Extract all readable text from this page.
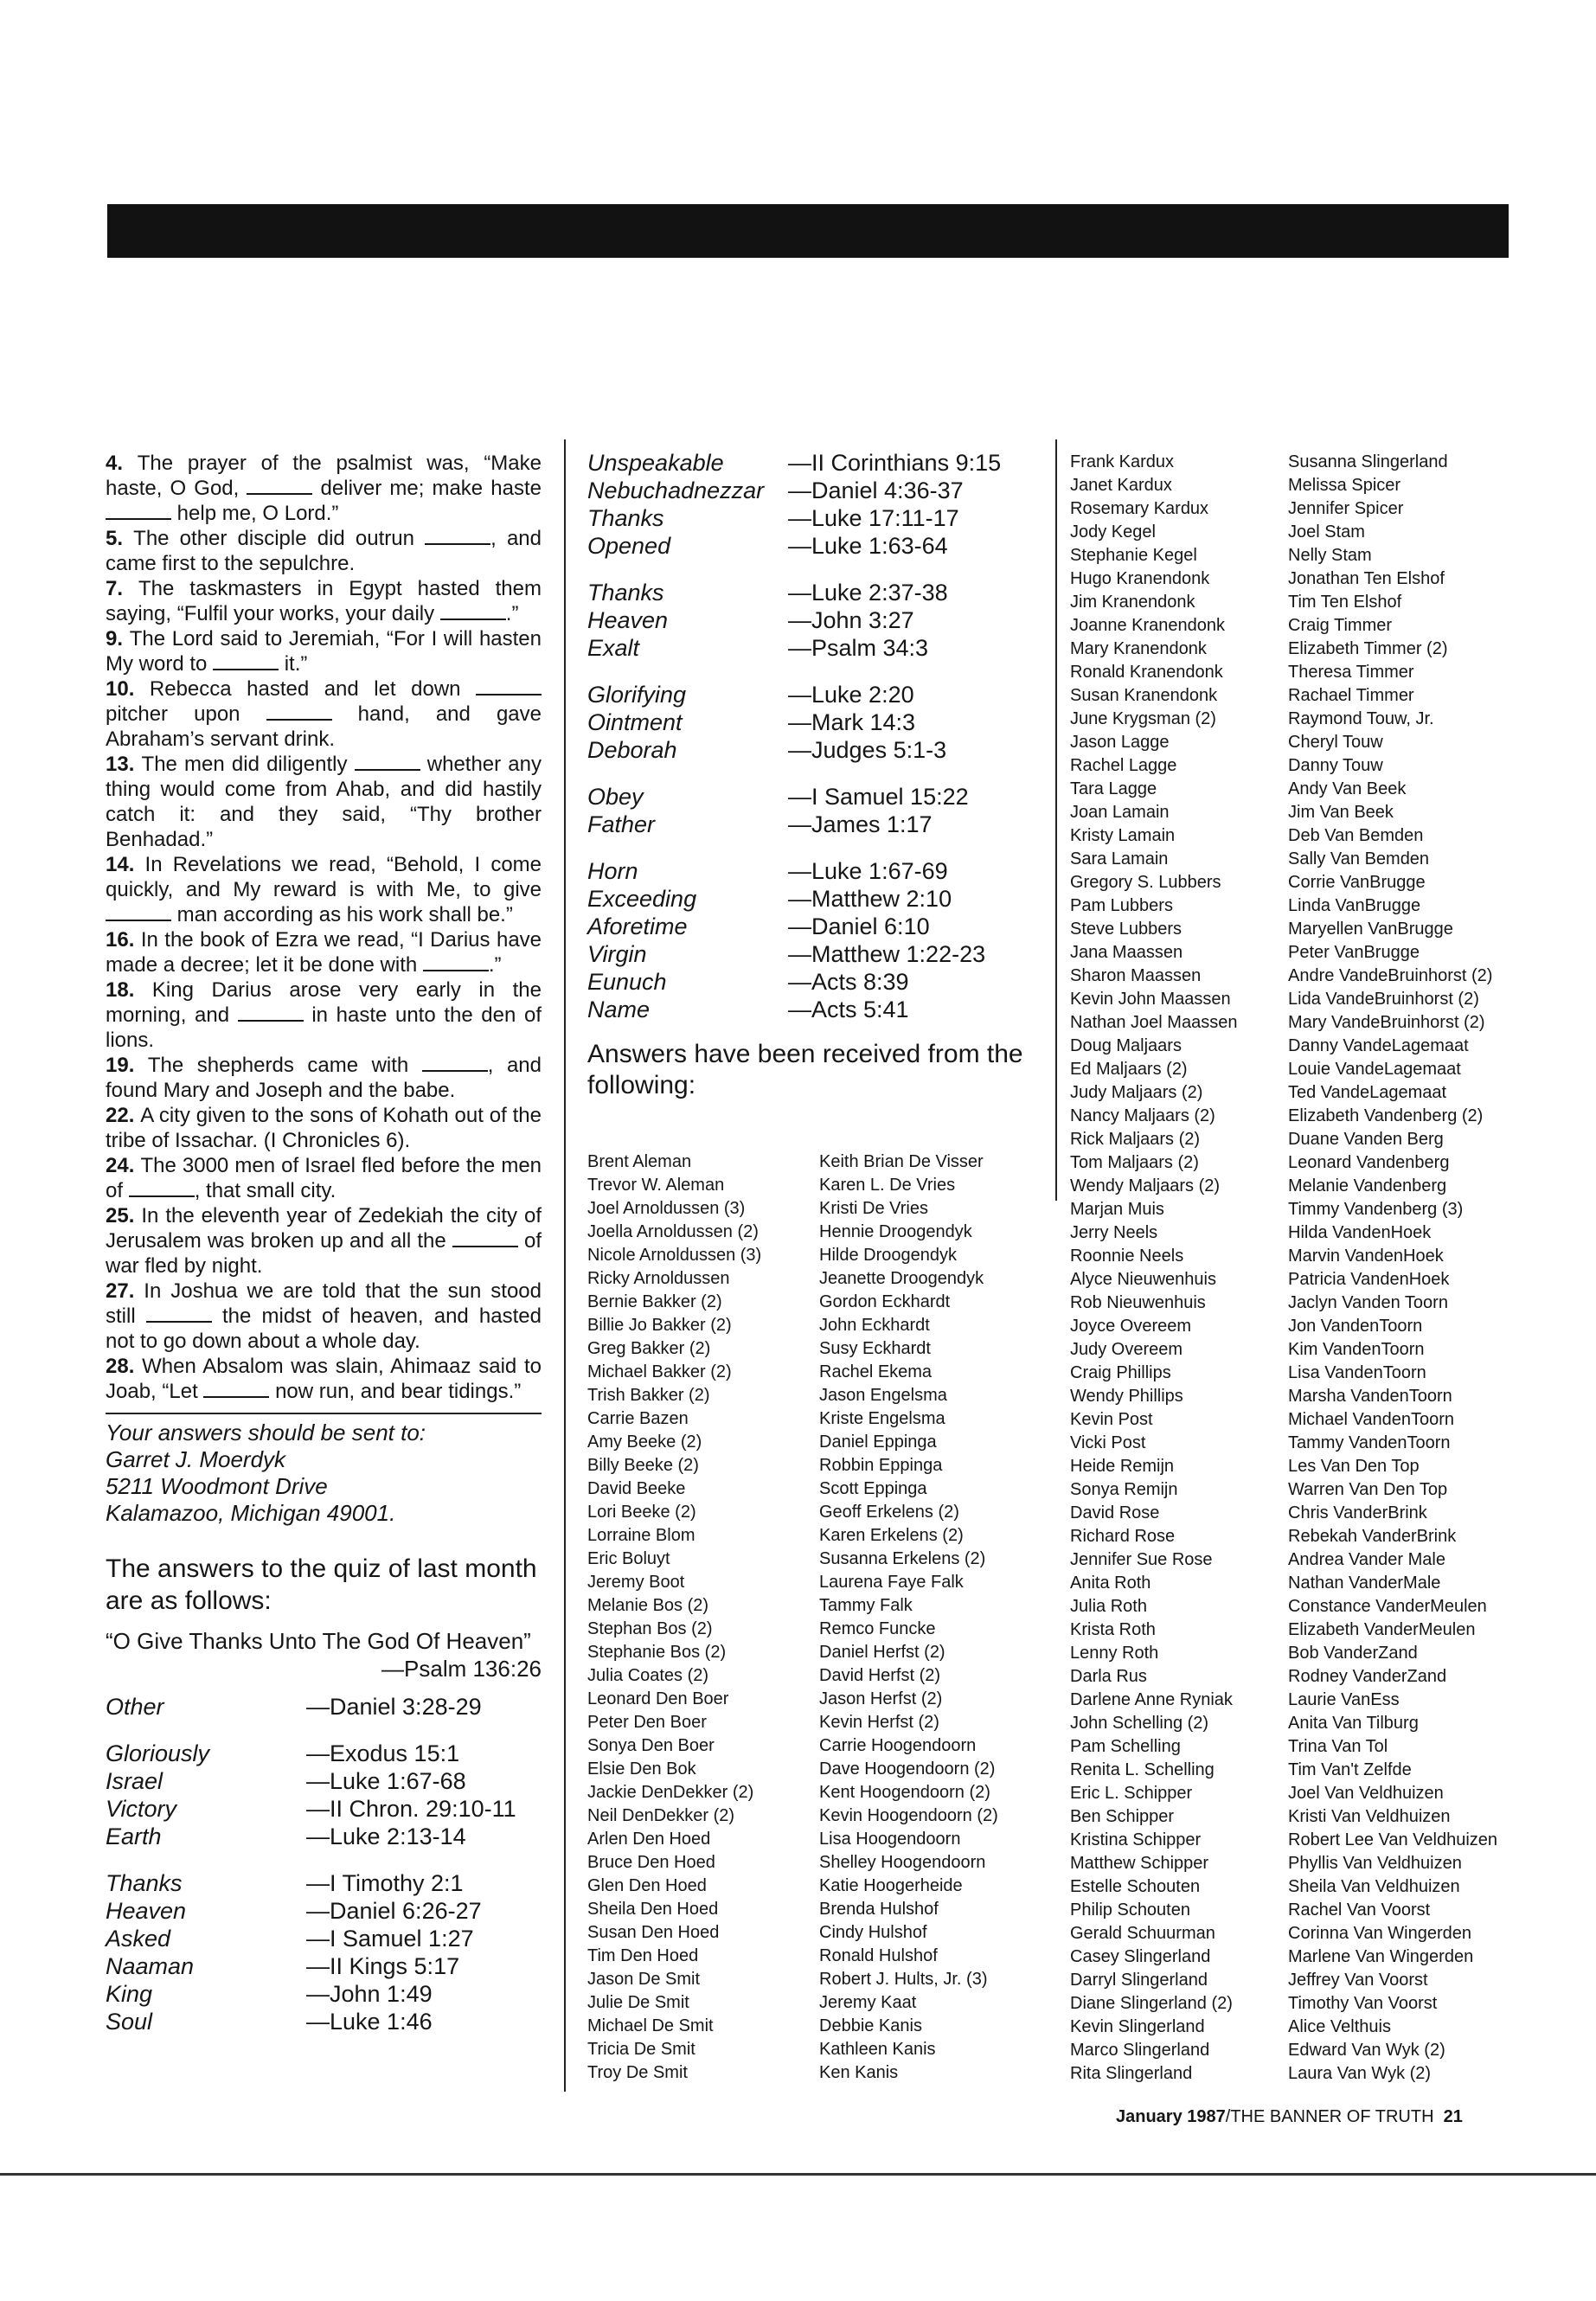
4. The prayer of the psalmist was, “Make haste, O God,	deliver me; make haste  help me, O Lord.”

5. The other disciple did outrun	, and came first to the sepulchre.

7. The taskmasters in Egypt hasted them saying, “Fulfil your works, your daily	.”

9. The Lord said to Jeremiah, “For I will hasten My word to	it.”

10. Rebecca hasted and let down  pitcher upon	hand, and gave Abraham’s servant drink.

13. The men did diligently	whether any thing would come from Ahab, and did hastily catch it: and they said, “Thy brother Benhadad.”

14. In Revelations we read, “Behold, I come quickly, and My reward is with Me, to give  man according as his work shall be.”

16. In the book of Ezra we read, “I Darius have made a decree; let it be done with	.”

18. King Darius arose very early in the morning, and	in haste unto the den of lions.

19. The shepherds came with	, and found Mary and Joseph and the babe.

22. A city given to the sons of Kohath out of the tribe of Issachar. (I Chronicles 6).

24. The 3000 men of Israel fled before the men of	, that small city.

25. In the eleventh year of Zedekiah the city of Jerusalem was broken up and all the	of war fled by night.

27. In Joshua we are told that the sun stood still	the midst of heaven, and hasted not to go down about a whole day.

28. When Absalom was slain, Ahimaaz said to Joab, “Let	now run, and bear tidings.”

Your answers should be sent to:
Garret J. Moerdyk
5211 Woodmont Drive
Kalamazoo, Michigan 49001.
The answers to the quiz of last month are as follows:
“O Give Thanks Unto The God Of Heaven”
—Psalm 136:26
Other	—Daniel 3:28-29
Gloriously	—Exodus 15:1
Israel	—Luke 1:67-68
Victory	—II Chron. 29:10-11
Earth	—Luke 2:13-14
Thanks	—I Timothy 2:1
Heaven	—Daniel 6:26-27
Asked	—I Samuel 1:27
Naaman	—II Kings 5:17
King	—John 1:49
Soul	—Luke 1:46
Unspeakable	—II Corinthians 9:15
Nebuchadnezzar	—Daniel 4:36-37
Thanks	—Luke 17:11-17
Opened	—Luke 1:63-64
Thanks	—Luke 2:37-38
Heaven	—John 3:27
Exalt	—Psalm 34:3
Glorifying	—Luke 2:20
Ointment	—Mark 14:3
Deborah	—Judges 5:1-3
Obey	—I Samuel 15:22
Father	—James 1:17
Horn	—Luke 1:67-69
Exceeding	—Matthew 2:10
Aforetime	—Daniel 6:10
Virgin	—Matthew 1:22-23
Eunuch	—Acts 8:39
Name	—Acts 5:41
Answers have been received from the following:
Brent Aleman
Trevor W. Aleman
Joel Arnoldussen (3)
Joella Arnoldussen (2)
Nicole Arnoldussen (3)
Ricky Arnoldussen
Bernie Bakker (2)
Billie Jo Bakker (2)
Greg Bakker (2)
Michael Bakker (2)
Trish Bakker (2)
Carrie Bazen
Amy Beeke (2)
Billy Beeke (2)
David Beeke
Lori Beeke (2)
Lorraine Blom
Eric Boluyt
Jeremy Boot
Melanie Bos (2)
Stephan Bos (2)
Stephanie Bos (2)
Julia Coates (2)
Leonard Den Boer
Peter Den Boer
Sonya Den Boer
Elsie Den Bok
Jackie DenDekker (2)
Neil DenDekker (2)
Arlen Den Hoed
Bruce Den Hoed
Glen Den Hoed
Sheila Den Hoed
Susan Den Hoed
Tim Den Hoed
Jason De Smit
Julie De Smit
Michael De Smit
Tricia De Smit
Troy De Smit
Keith Brian De Visser
Karen L. De Vries
Kristi De Vries
Hennie Droogendyk
Hilde Droogendyk
Jeanette Droogendyk
Gordon Eckhardt
John Eckhardt
Susy Eckhardt
Rachel Ekema
Jason Engelsma
Kriste Engelsma
Daniel Eppinga
Robbin Eppinga
Scott Eppinga
Geoff Erkelens (2)
Karen Erkelens (2)
Susanna Erkelens (2)
Laurena Faye Falk
Tammy Falk
Remco Funcke
Daniel Herfst (2)
David Herfst (2)
Jason Herfst (2)
Kevin Herfst (2)
Carrie Hoogendoorn
Dave Hoogendoorn (2)
Kent Hoogendoorn (2)
Kevin Hoogendoorn (2)
Lisa Hoogendoorn
Shelley Hoogendoorn
Katie Hoogerheide
Brenda Hulshof
Cindy Hulshof
Ronald Hulshof
Robert J. Hults, Jr. (3)
Jeremy Kaat
Debbie Kanis
Kathleen Kanis
Ken Kanis
Frank Kardux
Janet Kardux
Rosemary Kardux
Jody Kegel
Stephanie Kegel
Hugo Kranendonk
Jim Kranendonk
Joanne Kranendonk
Mary Kranendonk
Ronald Kranendonk
Susan Kranendonk
June Krygsman (2)
Jason Lagge
Rachel Lagge
Tara Lagge
Joan Lamain
Kristy Lamain
Sara Lamain
Gregory S. Lubbers
Pam Lubbers
Steve Lubbers
Jana Maassen
Sharon Maassen
Kevin John Maassen
Nathan Joel Maassen
Doug Maljaars
Ed Maljaars (2)
Judy Maljaars (2)
Nancy Maljaars (2)
Rick Maljaars (2)
Tom Maljaars (2)
Wendy Maljaars (2)
Marjan Muis
Jerry Neels
Roonnie Neels
Alyce Nieuwenhuis
Rob Nieuwenhuis
Joyce Overeem
Judy Overeem
Craig Phillips
Wendy Phillips
Kevin Post
Vicki Post
Heide Remijn
Sonya Remijn
David Rose
Richard Rose
Jennifer Sue Rose
Anita Roth
Julia Roth
Krista Roth
Lenny Roth
Darla Rus
Darlene Anne Ryniak
John Schelling (2)
Pam Schelling
Renita L. Schelling
Eric L. Schipper
Ben Schipper
Kristina Schipper
Matthew Schipper
Estelle Schouten
Philip Schouten
Gerald Schuurman
Casey Slingerland
Darryl Slingerland
Diane Slingerland (2)
Kevin Slingerland
Marco Slingerland
Rita Slingerland
Susanna Slingerland
Melissa Spicer
Jennifer Spicer
Joel Stam
Nelly Stam
Jonathan Ten Elshof
Tim Ten Elshof
Craig Timmer
Elizabeth Timmer (2)
Theresa Timmer
Rachael Timmer
Raymond Touw, Jr.
Cheryl Touw
Danny Touw
Andy Van Beek
Jim Van Beek
Deb Van Bemden
Sally Van Bemden
Corrie VanBrugge
Linda VanBrugge
Maryellen VanBrugge
Peter VanBrugge
Andre VandeBruinhorst (2)
Lida VandeBruinhorst (2)
Mary VandeBruinhorst (2)
Danny VandeLagemaat
Louie VandeLagemaat
Ted VandeLagemaat
Elizabeth Vandenberg (2)
Duane Vanden Berg
Leonard Vandenberg
Melanie Vandenberg
Timmy Vandenberg (3)
Hilda VandenHoek
Marvin VandenHoek
Patricia VandenHoek
Jaclyn Vanden Toorn
Jon VandenToorn
Kim VandenToorn
Lisa VandenToorn
Marsha VandenToorn
Michael VandenToorn
Tammy VandenToorn
Les Van Den Top
Warren Van Den Top
Chris VanderBrink
Rebekah VanderBrink
Andrea Vander Male
Nathan VanderMale
Constance VanderMeulen
Elizabeth VanderMeulen
Bob VanderZand
Rodney VanderZand
Laurie VanEss
Anita Van Tilburg
Trina Van Tol
Tim Van't Zelfde
Joel Van Veldhuizen
Kristi Van Veldhuizen
Robert Lee Van Veldhuizen
Phyllis Van Veldhuizen
Sheila Van Veldhuizen
Rachel Van Voorst
Corinna Van Wingerden
Marlene Van Wingerden
Jeffrey Van Voorst
Timothy Van Voorst
Alice Velthuis
Edward Van Wyk (2)
Laura Van Wyk (2)
January 1987/THE BANNER OF TRUTH 21
